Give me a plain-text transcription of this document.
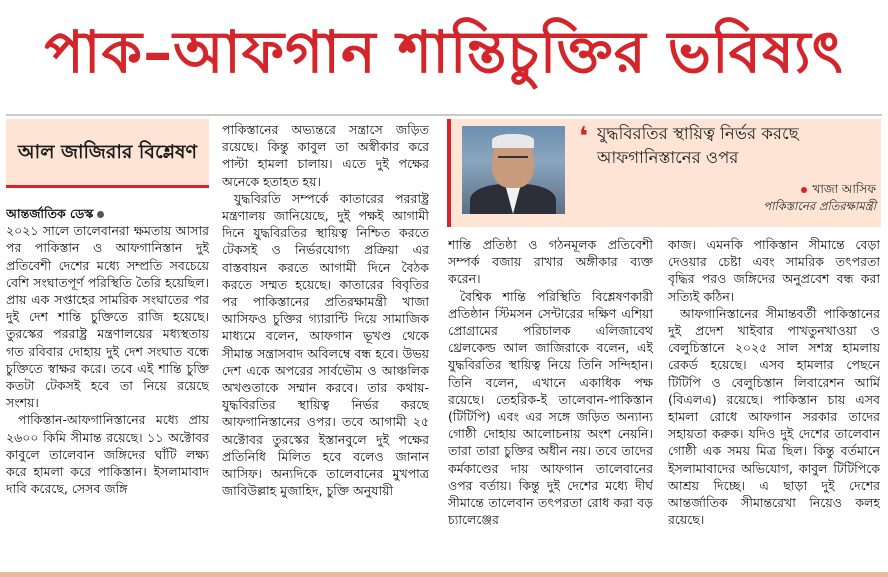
পাক–আফগান শান্তিচুক্তির ভবিষ্যৎ
আল জাজিরার বিশ্লেষণ

আন্তর্জাতিক ডেস্ক

২০২১ সালে তালেবানরা ক্ষমতায় আসার পর পাকিস্তান ও আফগানিস্তান দুই প্রতিবেশী দেশের মধ্যে সম্প্রতি সবচেয়ে বেশি সংঘাতপূর্ণ পরিস্থিতি তৈরি হয়েছিল। প্রায় এক সপ্তাহের সামরিক সংঘাতের পর দুই দেশ শান্তি চুক্তিতে রাজি হয়েছে। তুরস্কের পররাষ্ট্র মন্ত্রণালয়ের মধ্যস্থতায় গত রবিবার দোহায় দুই দেশ সংঘাত বন্ধে চুক্তিতে স্বাক্ষর করে। তবে এই শান্তি চুক্তি কতটা টেকসই হবে তা নিয়ে রয়েছে সংশয়।

পাকিস্তান-আফগানিস্তানের মধ্যে প্রায় ২৬০০ কিমি সীমান্ত রয়েছে। ১১ অক্টোবর কাবুলে তালেবান জঙ্গিদের ঘাঁটি লক্ষ্য করে হামলা করে পাকিস্তান। ইসলামাবাদ দাবি করেছে, সেসব জঙ্গি

পাকিস্তানের অভ্যন্তরে সন্ত্রাসে জড়িত রয়েছে। কিন্তু কাবুল তা অস্বীকার করে পাল্টা হামলা চালায়। এতে দুই পক্ষের অনেকে হতাহত হয়।

যুদ্ধবিরতি সম্পর্কে কাতারের পররাষ্ট্র মন্ত্রণালয় জানিয়েছে, দুই পক্ষই আগামী দিনে যুদ্ধবিরতির স্থায়িত্ব নিশ্চিত করতে টেকসই ও নির্ভরযোগ্য প্রক্রিয়া এর বাস্তবায়ন করতে আগামী দিনে বৈঠক করতে সম্মত হয়েছে। কাতারের বিবৃতির পর পাকিস্তানের প্রতিরক্ষামন্ত্রী খাজা আসিফও চুক্তির গ্যারান্টি দিয়ে সামাজিক মাধ্যমে বলেন, আফগান ভূখণ্ড থেকে সীমান্ত সন্ত্রাসবাদ অবিলম্বে বন্ধ হবে। উভয় দেশ একে অপরের সার্বভৌম ও আঞ্চলিক অখণ্ডতাকে সম্মান করবে। তার কথায়- যুদ্ধবিরতির স্থায়িত্ব নির্ভর করছে আফগানিস্তানের ওপর। তবে আগামী ২৫ অক্টোবর তুরস্কের ইস্তানবুলে দুই পক্ষের প্রতিনিধি মিলিত হবে বলেও জানান আসিফ। অন্যদিকে তালেবানের মুখপাত্র জাবিউল্লাহ মুজাহিদ, চুক্তি অনুযায়ী

❛ যুদ্ধবিরতির স্থায়িত্ব নির্ভর করছে আফগানিস্তানের ওপর
খাজা আসিফ
পাকিস্তানের প্রতিরক্ষামন্ত্রী

শান্তি প্রতিষ্ঠা ও গঠনমূলক প্রতিবেশী সম্পর্ক বজায় রাখার অঙ্গীকার ব্যক্ত করেন।

বৈশ্বিক শান্তি পরিস্থিতি বিশ্লেষণকারী প্রতিষ্ঠান স্টিমসন সেন্টারের দক্ষিণ এশিয়া প্রোগ্রামের পরিচালক এলিজাবেথ থ্রেলকেল্ড আল জাজিরাকে বলেন, এই যুদ্ধবিরতির স্থায়িত্ব নিয়ে তিনি সন্দিহান। তিনি বলেন, এখানে একাধিক পক্ষ রয়েছে। তেহরিক-ই তালেবান-পাকিস্তান (টিটিপি) এবং এর সঙ্গে জড়িত অন্যান্য গোষ্ঠী দোহায় আলোচনায় অংশ নেয়নি। তারা তারা চুক্তির অধীন নয়। তবে তাদের কর্মকাণ্ডের দায় আফগান তালেবানের ওপর বর্তায়। কিন্তু দুই দেশের মধ্যে দীর্ঘ সীমান্তে তালেবান তৎপরতা রোধ করা বড় চ্যালেঞ্জের

কাজ। এমনকি পাকিস্তান সীমান্তে বেড়া দেওয়ার চেষ্টা এবং সামরিক তৎপরতা বৃদ্ধির পরও জঙ্গিদের অনুপ্রবেশ বন্ধ করা সত্যিই কঠিন।

আফগানিস্তানের সীমান্তবর্তী পাকিস্তানের দুই প্রদেশ খাইবার পাখতুনখাওয়া ও বেলুচিস্তানে ২০২৫ সাল সশস্ত্র হামলায় রেকর্ড হয়েছে। এসব হামলার পেছনে টিটিপি ও বেলুচিস্তান লিবারেশন আর্মি (বিএলএ) রয়েছে। পাকিস্তান চায় এসব হামলা রোধে আফগান সরকার তাদের সহায়তা করুক। যদিও দুই দেশের তালেবান গোষ্ঠী এক সময় মিত্র ছিল। কিন্তু বর্তমানে ইসলামাবাদের অভিযোগ, কাবুল টিটিপিকে আশ্রয় দিচ্ছে। এ ছাড়া দুই দেশের আন্তর্জাতিক সীমান্তরেখা নিয়েও কলহ রয়েছে।
